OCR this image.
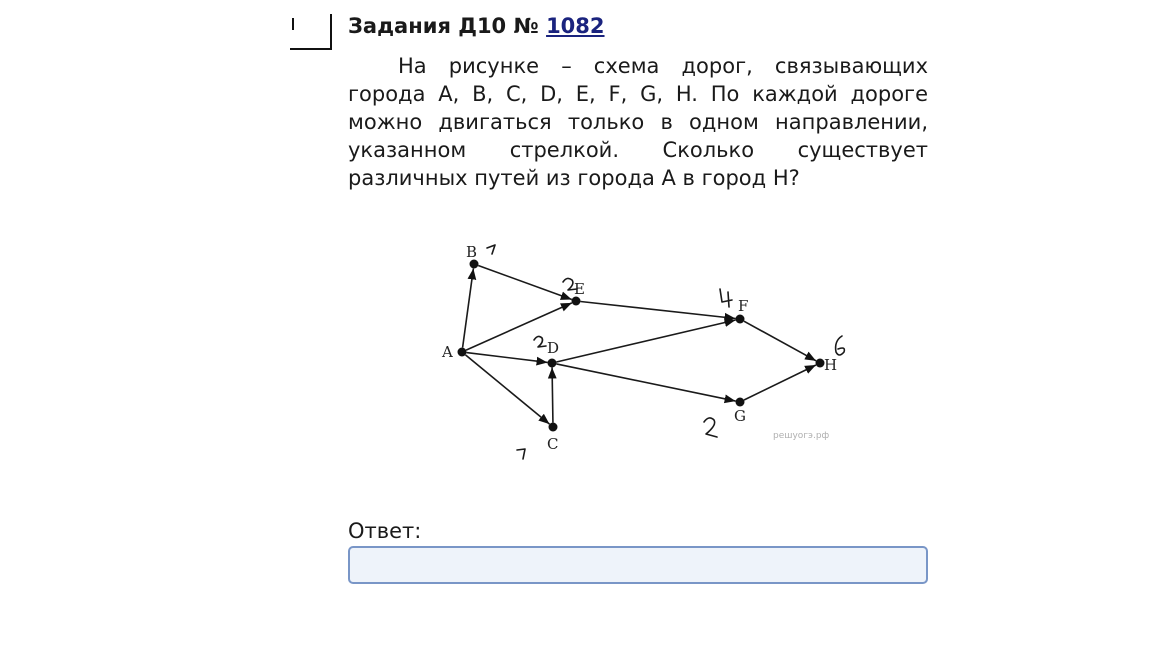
Задания Д10 № 1082
На рисунке – схема дорог, связывающих города A, B, C, D, E, F, G, H. По каждой дороге можно двигаться только в одном направлении, указанном стрелкой. Сколько существует различных путей из города A в город H?
A
B
C
D
E
F
G
H
решуогэ.рф
Ответ:
